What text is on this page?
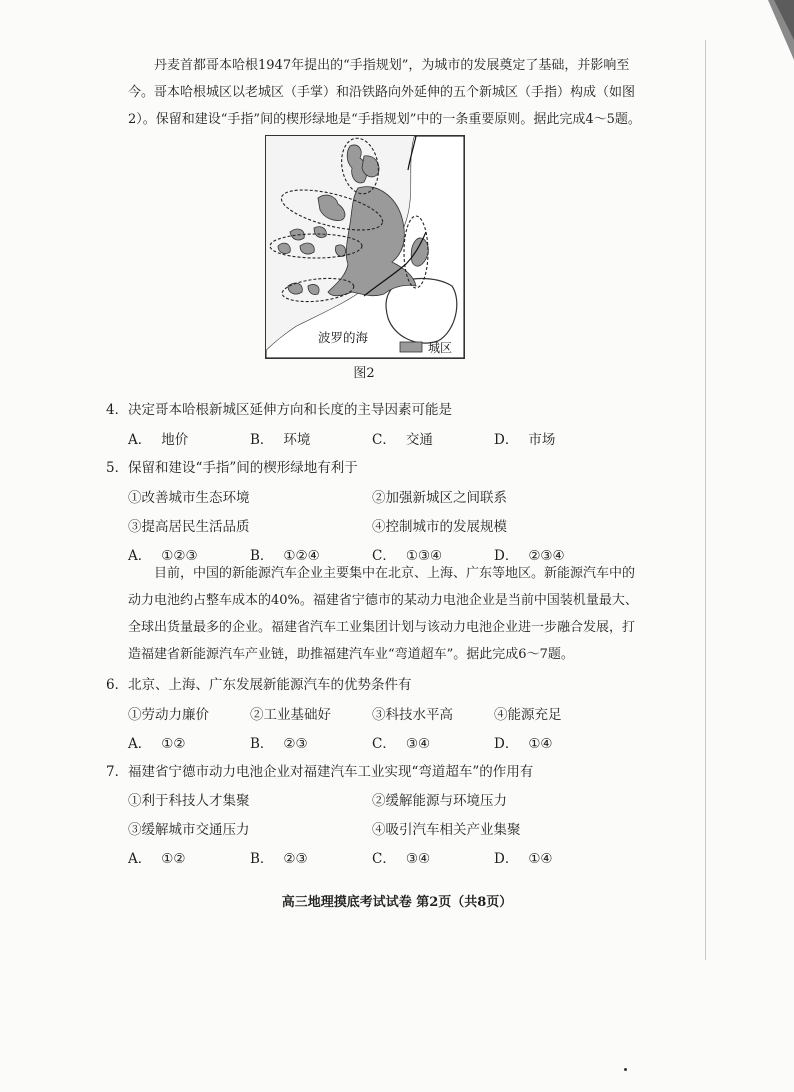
丹麦首都哥本哈根1947年提出的“手指规划”，为城市的发展奠定了基础，并影响至
今。哥本哈根城区以老城区（手掌）和沿铁路向外延伸的五个新城区（手指）构成（如图
2）。保留和建设“手指”间的楔形绿地是“手指规划”中的一条重要原则。据此完成4～5题。
城区
波罗的海
图2
4．决定哥本哈根新城区延伸方向和长度的主导因素可能是
A． 地价	B． 环境	C． 交通	D． 市场
5．保留和建设“手指”间的楔形绿地有利于
①改善城市生态环境	②加强新城区之间联系
③提高居民生活品质	④控制城市的发展规模
A． ①②③	B． ①②④	C． ①③④	D． ②③④
目前，中国的新能源汽车企业主要集中在北京、上海、广东等地区。新能源汽车中的
动力电池约占整车成本的40%。福建省宁德市的某动力电池企业是当前中国装机量最大、
全球出货量最多的企业。福建省汽车工业集团计划与该动力电池企业进一步融合发展，打
造福建省新能源汽车产业链，助推福建汽车业“弯道超车”。据此完成6～7题。
6．北京、上海、广东发展新能源汽车的优势条件有
①劳动力廉价	②工业基础好	③科技水平高	④能源充足
A． ①②	B． ②③	C． ③④	D． ①④
7．福建省宁德市动力电池企业对福建汽车工业实现“弯道超车”的作用有
①利于科技人才集聚	②缓解能源与环境压力
③缓解城市交通压力	④吸引汽车相关产业集聚
A． ①②	B． ②③	C． ③④	D． ①④
高三地理摸底考试试卷 第2页（共8页）
